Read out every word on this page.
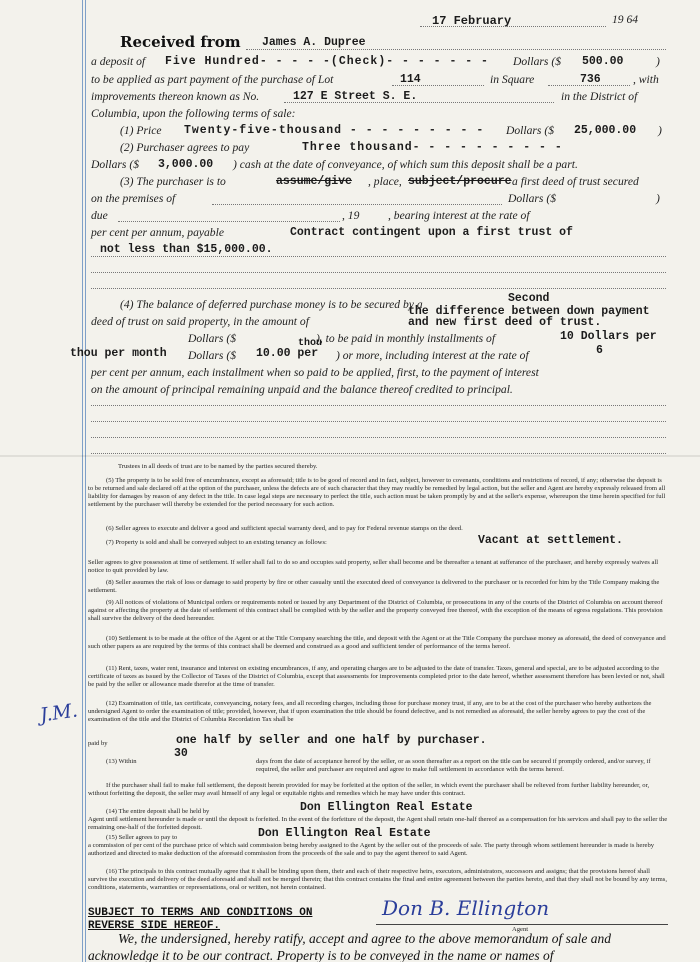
17 February	19 64
Received from James A. Dupree
a deposit of Five Hundred- - - - -(Check)- - - - - - - Dollars ($ 500.00	)
to be applied as part payment of the purchase of Lot	114	in Square	736	, with
improvements thereon known as No.	127 E Street S. E.	in the District of
Columbia, upon the following terms of sale:
(1) Price Twenty-five-thousand - - - - - - - - - Dollars ($ 25,000.00 )
(2) Purchaser agrees to pay	Three thousand- - - - - - - - - -
Dollars ($ 3,000.00 ) cash at the date of conveyance, of which sum this deposit shall be a part.
(3) The purchaser is to	assume/give , place, subject/procure a first deed of trust secured
on the premises of	Dollars ($	)
due	, 19 , bearing interest at the rate of
per cent per annum, payable	Contract contingent upon a first trust of
not less than $15,000.00.
(4) The balance of deferred purchase money is to be secured by a	Second
the difference between down payment
and new first deed of trust.
deed of trust on said property, in the amount of
Dollars ($	), to be paid in monthly installments of	10 Dollars per
thou
thou per month Dollars ($ 10.00 per ) or more, including interest at the rate of	6
per cent per annum, each installment when so paid to be applied, first, to the payment of interest
on the amount of principal remaining unpaid and the balance thereof credited to principal.
Trustees in all deeds of trust are to be named by the parties secured thereby.
(5) The property is to be sold free of encumbrance, except as aforesaid; title is to be good of record and in fact, subject, however to covenants, conditions and restrictions of record, if any; otherwise the deposit is to be returned and sale declared off at the option of the purchaser, unless the defects are of such character that they may readily be remedied by legal action, but the seller and Agent are hereby expressly released from all liability for damages by reason of any defect in the title. In case legal steps are necessary to perfect the title, such action must be taken promptly by and at the seller's expense, whereupon the time herein specified for full settlement by the purchaser will thereby be extended for the period necessary for such action.
(6) Seller agrees to execute and deliver a good and sufficient special warranty deed, and to pay for Federal revenue stamps on the deed.
(7) Property is sold and shall be conveyed subject to an existing tenancy as follows:	Vacant at settlement.
Seller agrees to give possession at time of settlement. If seller shall fail to do so and occupies said property, seller shall become and be thereafter a tenant at sufferance of the purchaser, and hereby expressly waives all notice to quit provided by law.
(8) Seller assumes the risk of loss or damage to said property by fire or other casualty until the executed deed of conveyance is delivered to the purchaser or is recorded for him by the Title Company making the settlement.
(9) All notices of violations of Municipal orders or requirements noted or issued by any Department of the District of Columbia, or prosecutions in any of the courts of the District of Columbia on account thereof against or affecting the property at the date of settlement of this contract shall be complied with by the seller and the property conveyed free thereof, with the exception of the means of egress regulations. This provision shall survive the delivery of the deed hereunder.
(10) Settlement is to be made at the office of the Agent or at the Title Company searching the title, and deposit with the Agent or at the Title Company the purchase money as aforesaid, the deed of conveyance and such other papers as are required by the terms of this contract shall be deemed and construed as a good and sufficient tender of performance of the terms hereof.
(11) Rent, taxes, water rent, insurance and interest on existing encumbrances, if any, and operating charges are to be adjusted to the date of transfer. Taxes, general and special, are to be adjusted according to the certificate of taxes as issued by the Collector of Taxes of the District of Columbia, except that assessments for improvements completed prior to the date hereof, whether assessment therefore has been levied or not, shall be paid by the seller or allowance made therefor at the time of transfer.
(12) Examination of title, tax certificate, conveyancing, notary fees, and all recording charges, including those for purchase money trust, if any, are to be at the cost of the purchaser who hereby authorizes the undersigned Agent to order the examination of title; provided, however, that if upon examination the title should be found defective, and is not remedied as aforesaid, the seller hereby agrees to pay the cost of the examination of the title and the District of Columbia Recordation Tax shall be
paid by	one half by seller and one half by purchaser.
30
(13) Within	days from the date of acceptance hereof by the seller, or as soon thereafter as a report on the title can be secured if promptly ordered, and/or survey, if required, the seller and purchaser are required and agree to make full settlement in accordance with the terms hereof.
If the purchaser shall fail to make full settlement, the deposit herein provided for may be forfeited at the option of the seller, in which event the purchaser shall be relieved from further liability hereunder, or, without forfeiting the deposit, the seller may avail himself of any legal or equitable rights and remedies which he may have under this contract.
(14) The entire deposit shall be held by	Don Ellington Real Estate
Agent until settlement hereunder is made or until the deposit is forfeited. In the event of the forfeiture of the deposit, the Agent shall retain one-half thereof as a compensation for his services and shall pay to the seller the remaining one-half of the forfeited deposit.
(15) Seller agrees to pay to	Don Ellington Real Estate
a commission of per cent of the purchase price of which said commission being hereby assigned to the Agent by the seller out of the proceeds of sale. The party through whom settlement hereunder is made is hereby authorized and directed to make deduction of the aforesaid commission from the proceeds of the sale and to pay the agent thereof to said Agent.
(16) The principals to this contract mutually agree that it shall be binding upon them, their and each of their respective heirs, executors, administrators, successors and assigns; that the provisions hereof shall survive the execution and delivery of the deed aforesaid and shall not be merged therein; that this contract contains the final and entire agreement between the parties hereto, and that they shall not be bound by any terms, conditions, statements, warranties or representations, oral or written, not herein contained.
SUBJECT TO TERMS AND CONDITIONS ON
REVERSE SIDE HEREOF.
Don B. Ellington
Agent
We, the undersigned, hereby ratify, accept and agree to the above memorandum of sale and
acknowledge it to be our contract. Property is to be conveyed in the name or names of
J.M.
